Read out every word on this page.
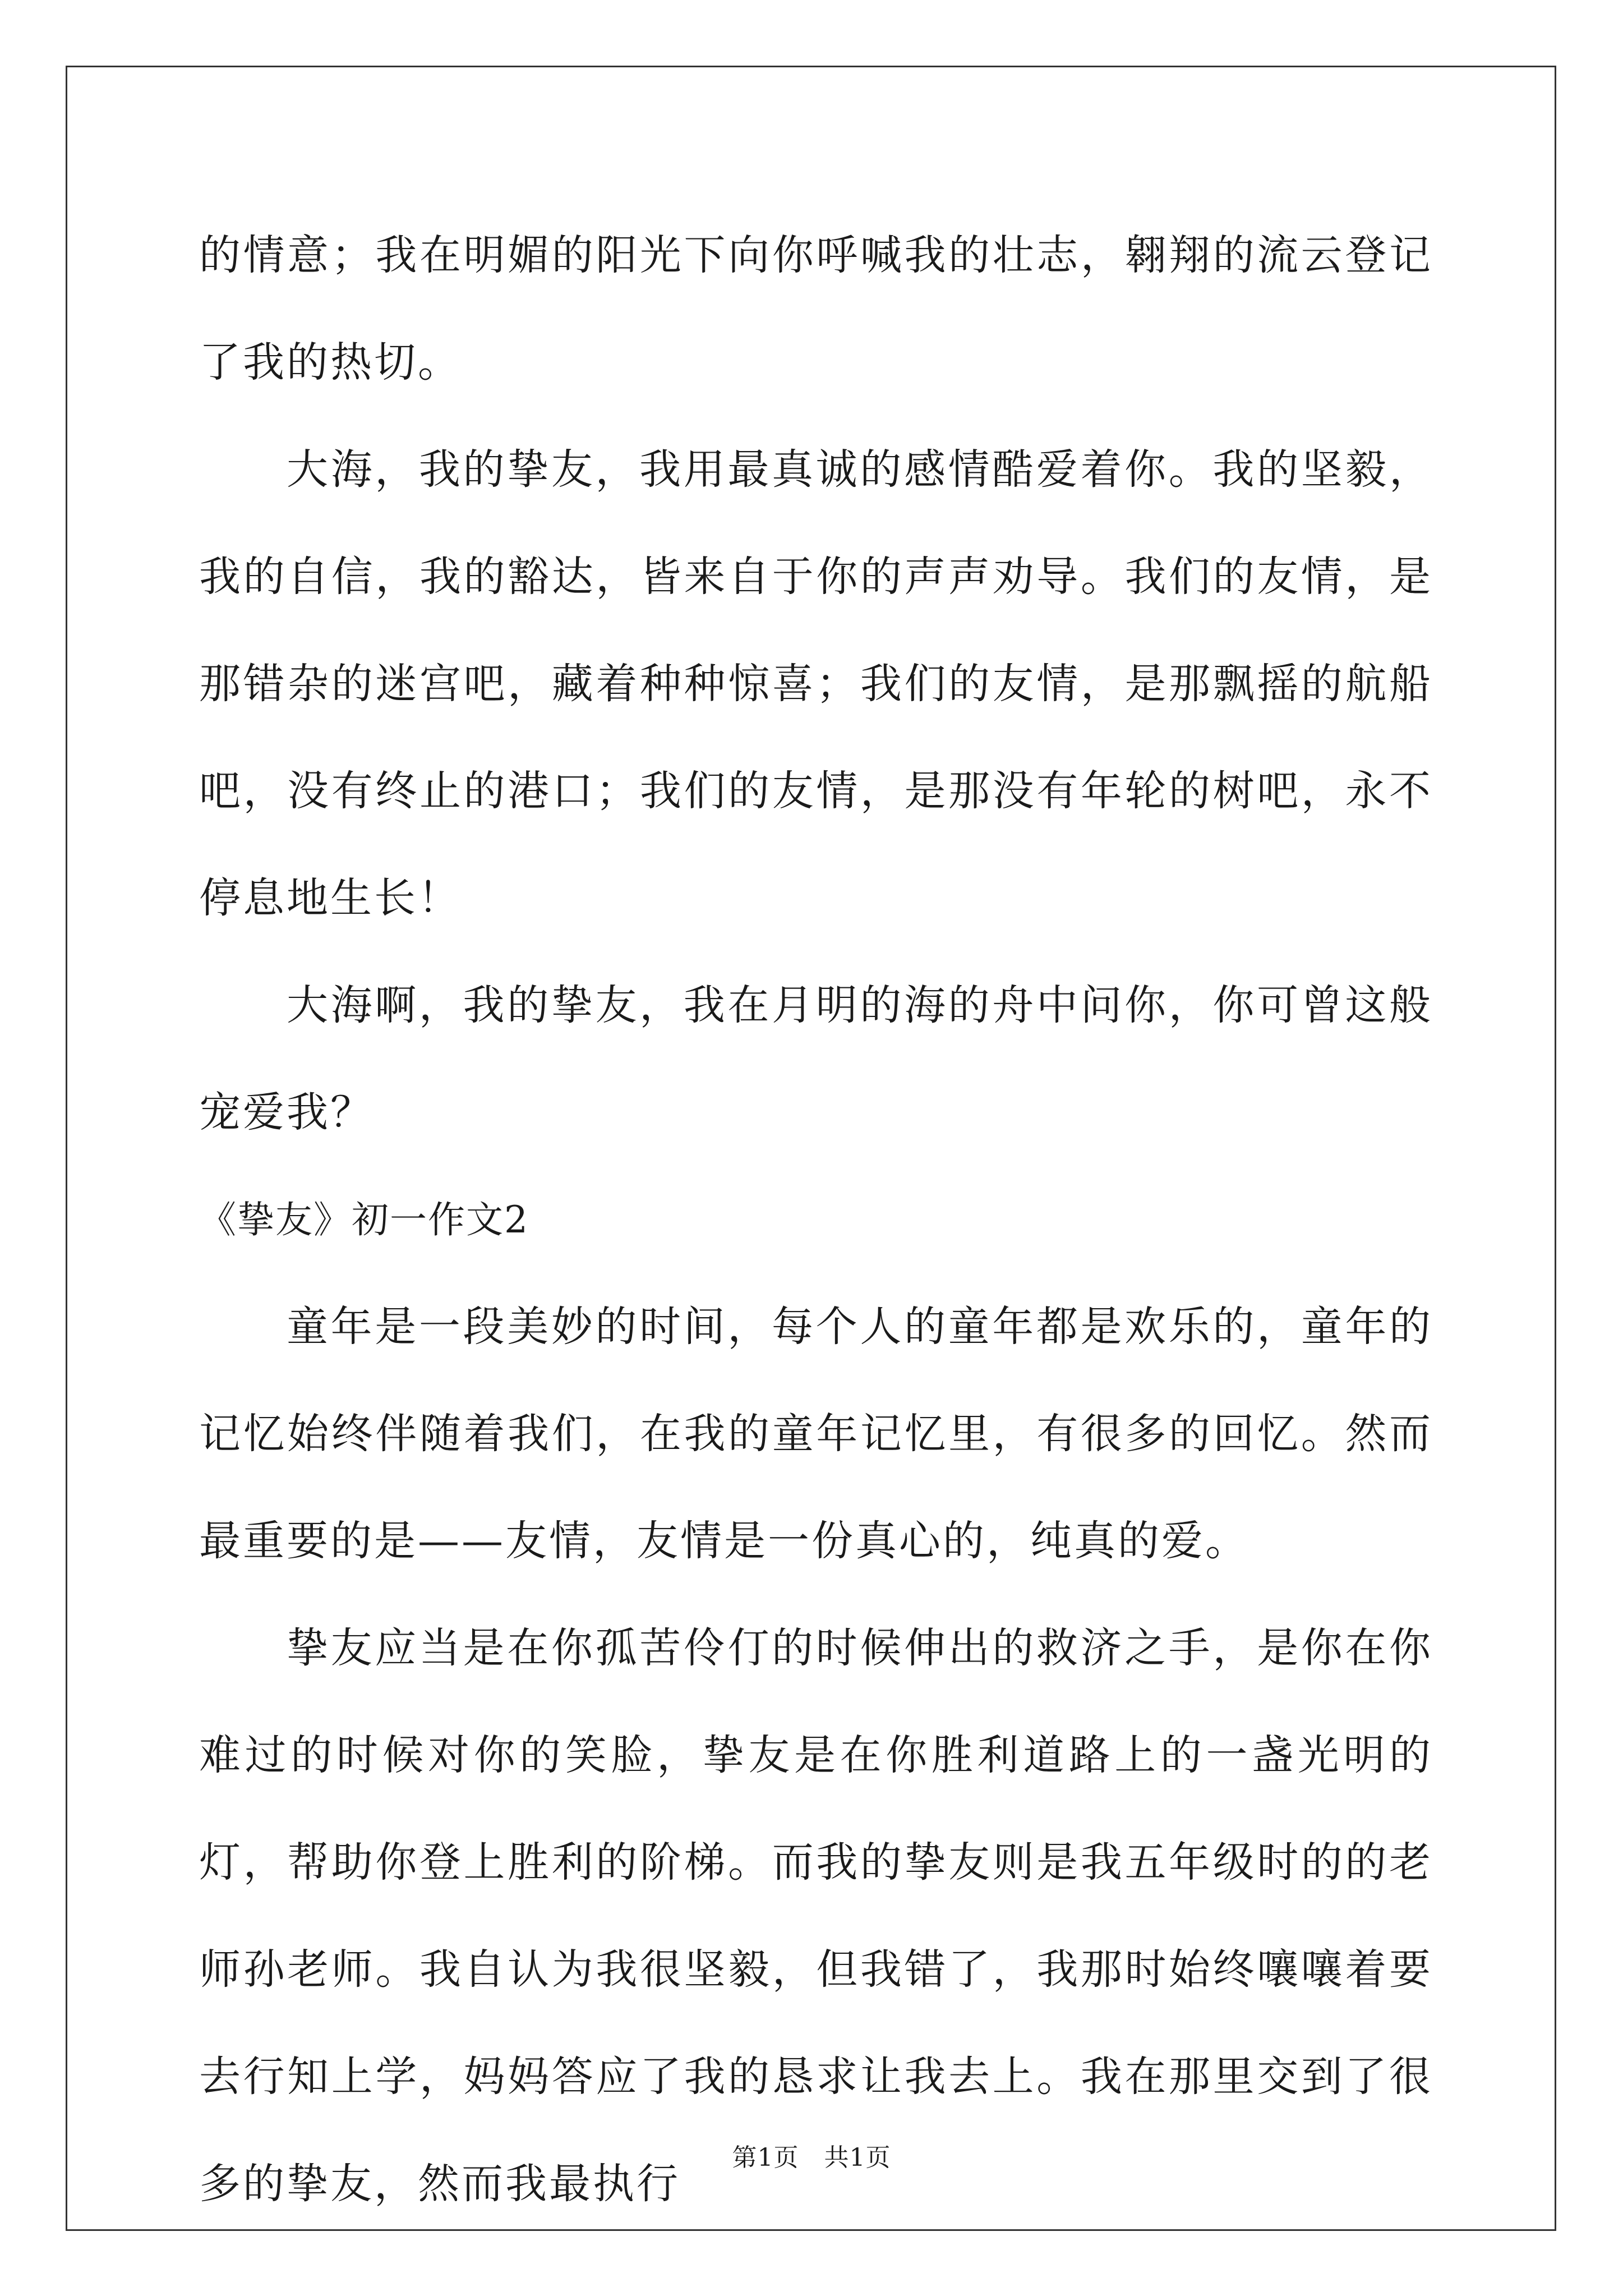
的情意；我在明媚的阳光下向你呼喊我的壮志，翱翔的流云登记了我的热切。

大海，我的挚友，我用最真诚的感情酷爱着你。我的坚毅，我的自信，我的豁达，皆来自于你的声声劝导。我们的友情，是那错杂的迷宫吧，藏着种种惊喜；我们的友情，是那飘摇的航船吧，没有终止的港口；我们的友情，是那没有年轮的树吧，永不停息地生长！

大海啊，我的挚友，我在月明的海的舟中问你，你可曾这般宠爱我？

《挚友》初一作文2

童年是一段美妙的时间，每个人的童年都是欢乐的，童年的记忆始终伴随着我们，在我的童年记忆里，有很多的回忆。然而最重要的是——友情，友情是一份真心的，纯真的爱。

挚友应当是在你孤苦伶仃的时候伸出的救济之手，是你在你难过的时候对你的笑脸，挚友是在你胜利道路上的一盏光明的灯，帮助你登上胜利的阶梯。而我的挚友则是我五年级时的的老师孙老师。我自认为我很坚毅，但我错了，我那时始终嚷嚷着要去行知上学，妈妈答应了我的恳求让我去上。我在那里交到了很多的挚友，然而我最执行

第1页　共1页
